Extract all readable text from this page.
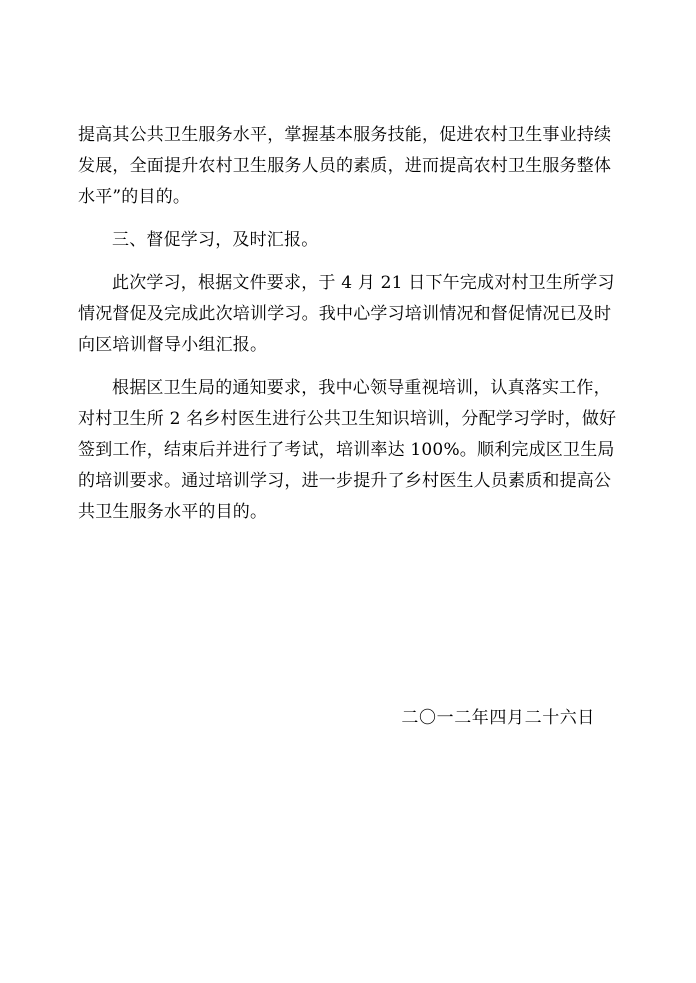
提高其公共卫生服务水平，掌握基本服务技能，促进农村卫生事业持续发展，全面提升农村卫生服务人员的素质，进而提高农村卫生服务整体水平”的目的。

三、督促学习，及时汇报。

此次学习，根据文件要求，于 4 月 21 日下午完成对村卫生所学习情况督促及完成此次培训学习。我中心学习培训情况和督促情况已及时向区培训督导小组汇报。

根据区卫生局的通知要求，我中心领导重视培训，认真落实工作，对村卫生所 2 名乡村医生进行公共卫生知识培训，分配学习学时，做好签到工作，结束后并进行了考试，培训率达 100%。顺利完成区卫生局的培训要求。通过培训学习，进一步提升了乡村医生人员素质和提高公共卫生服务水平的目的。

二〇一二年四月二十六日
